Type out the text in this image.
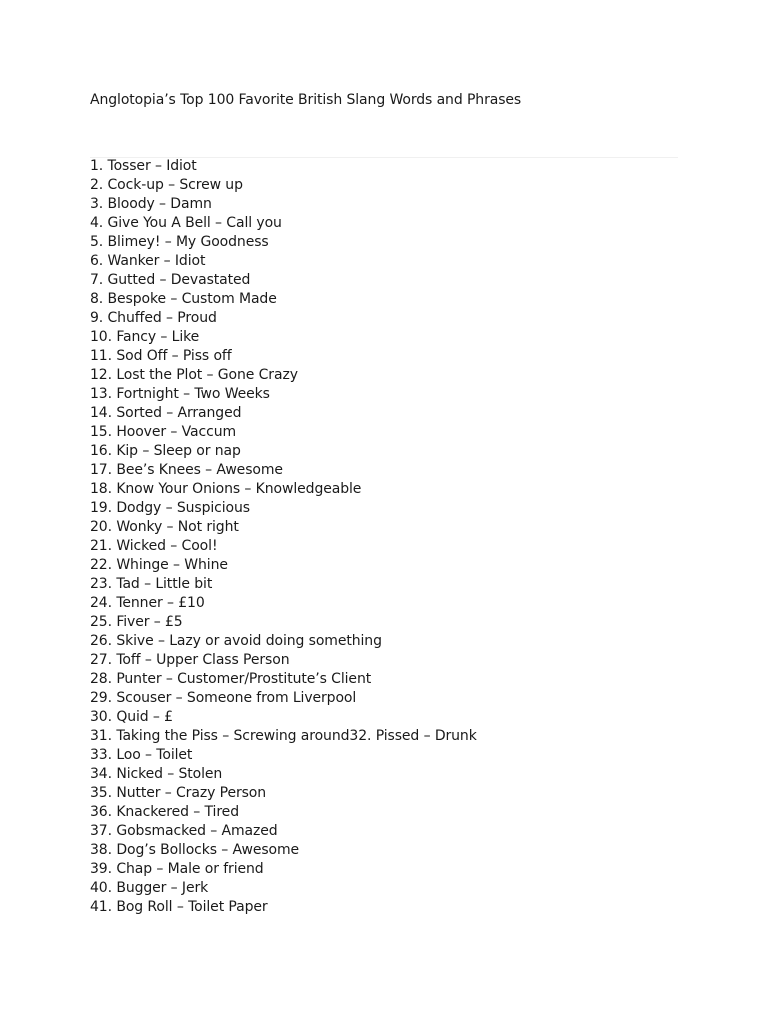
Anglotopia’s Top 100 Favorite British Slang Words and Phrases
1. Tosser – Idiot
2. Cock-up – Screw up
3. Bloody – Damn
4. Give You A Bell – Call you
5. Blimey! – My Goodness
6. Wanker – Idiot
7. Gutted – Devastated
8. Bespoke – Custom Made
9. Chuffed – Proud
10. Fancy – Like
11. Sod Off – Piss off
12. Lost the Plot – Gone Crazy
13. Fortnight – Two Weeks
14. Sorted – Arranged
15. Hoover – Vaccum
16. Kip – Sleep or nap
17. Bee’s Knees – Awesome
18. Know Your Onions – Knowledgeable
19. Dodgy – Suspicious
20. Wonky – Not right
21. Wicked – Cool!
22. Whinge – Whine
23. Tad – Little bit
24. Tenner – £10
25. Fiver – £5
26. Skive – Lazy or avoid doing something
27. Toff – Upper Class Person
28. Punter – Customer/Prostitute’s Client
29. Scouser – Someone from Liverpool
30. Quid – £
31. Taking the Piss – Screwing around32. Pissed – Drunk
33. Loo – Toilet
34. Nicked – Stolen
35. Nutter – Crazy Person
36. Knackered – Tired
37. Gobsmacked – Amazed
38. Dog’s Bollocks – Awesome
39. Chap – Male or friend
40. Bugger – Jerk
41. Bog Roll – Toilet Paper
